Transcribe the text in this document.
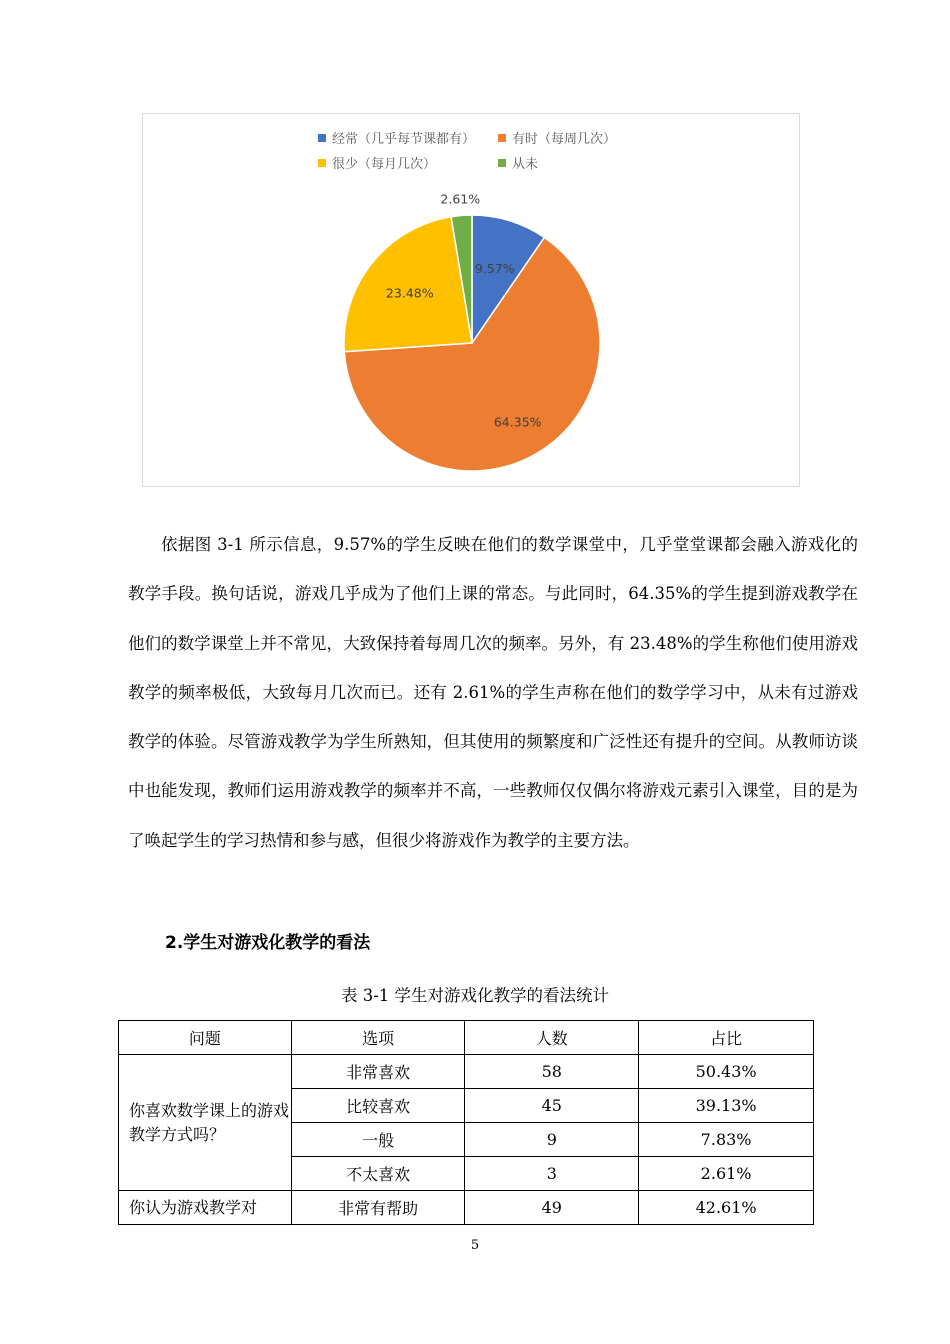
经常（几乎每节课都有）	有时（每周几次）
很少（每月几次）	从未
9.57%
64.35%
23.48%
2.61%
依据图 3-1 所示信息，9.57%的学生反映在他们的数学课堂中，几乎堂堂课都会融入游戏化的教学手段。换句话说，游戏几乎成为了他们上课的常态。与此同时，64.35%的学生提到游戏教学在他们的数学课堂上并不常见，大致保持着每周几次的频率。另外，有 23.48%的学生称他们使用游戏教学的频率极低，大致每月几次而已。还有 2.61%的学生声称在他们的数学学习中，从未有过游戏教学的体验。尽管游戏教学为学生所熟知，但其使用的频繁度和广泛性还有提升的空间。从教师访谈中也能发现，教师们运用游戏教学的频率并不高，一些教师仅仅偶尔将游戏元素引入课堂，目的是为了唤起学生的学习热情和参与感，但很少将游戏作为教学的主要方法。
2.学生对游戏化教学的看法
表 3-1 学生对游戏化教学的看法统计
问题	选项	人数	占比
你喜欢数学课上的游戏教学方式吗？	非常喜欢	58	50.43%
	比较喜欢	45	39.13%
	一般	9	7.83%
	不太喜欢	3	2.61%
你认为游戏教学对	非常有帮助	49	42.61%
5
